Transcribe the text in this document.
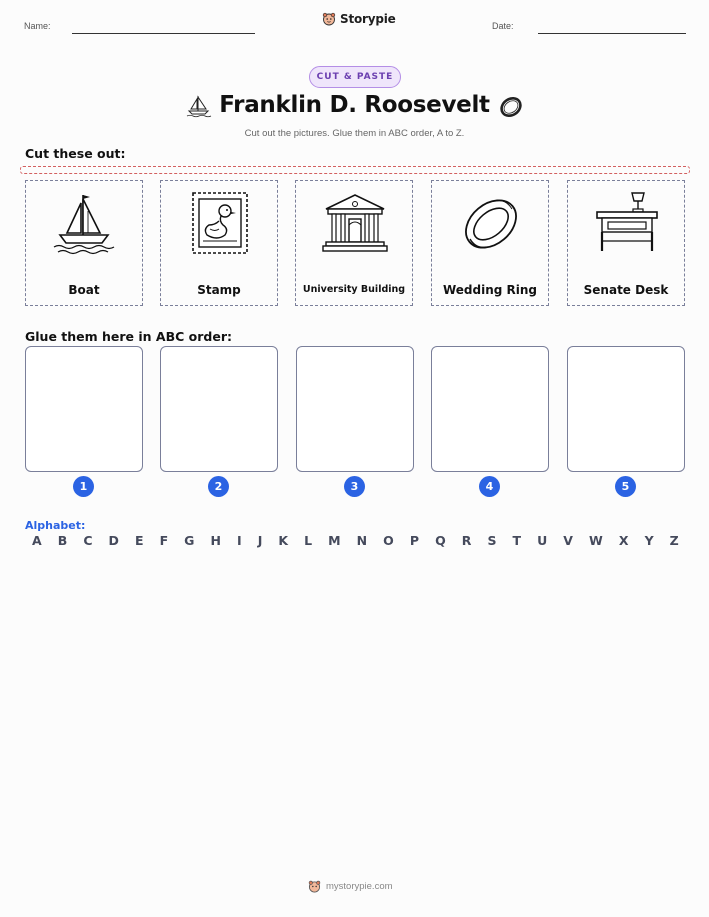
Name:	Storypie	Date:
CUT & PASTE
Franklin D. Roosevelt
Cut out the pictures. Glue them in ABC order, A to Z.
Cut these out:
Boat	Stamp	University Building	Wedding Ring	Senate Desk
Glue them here in ABC order:
1	2	3	4	5
Alphabet:
A B C D E F G H I J K L M N O P Q R S T U V W X Y Z
mystorypie.com
